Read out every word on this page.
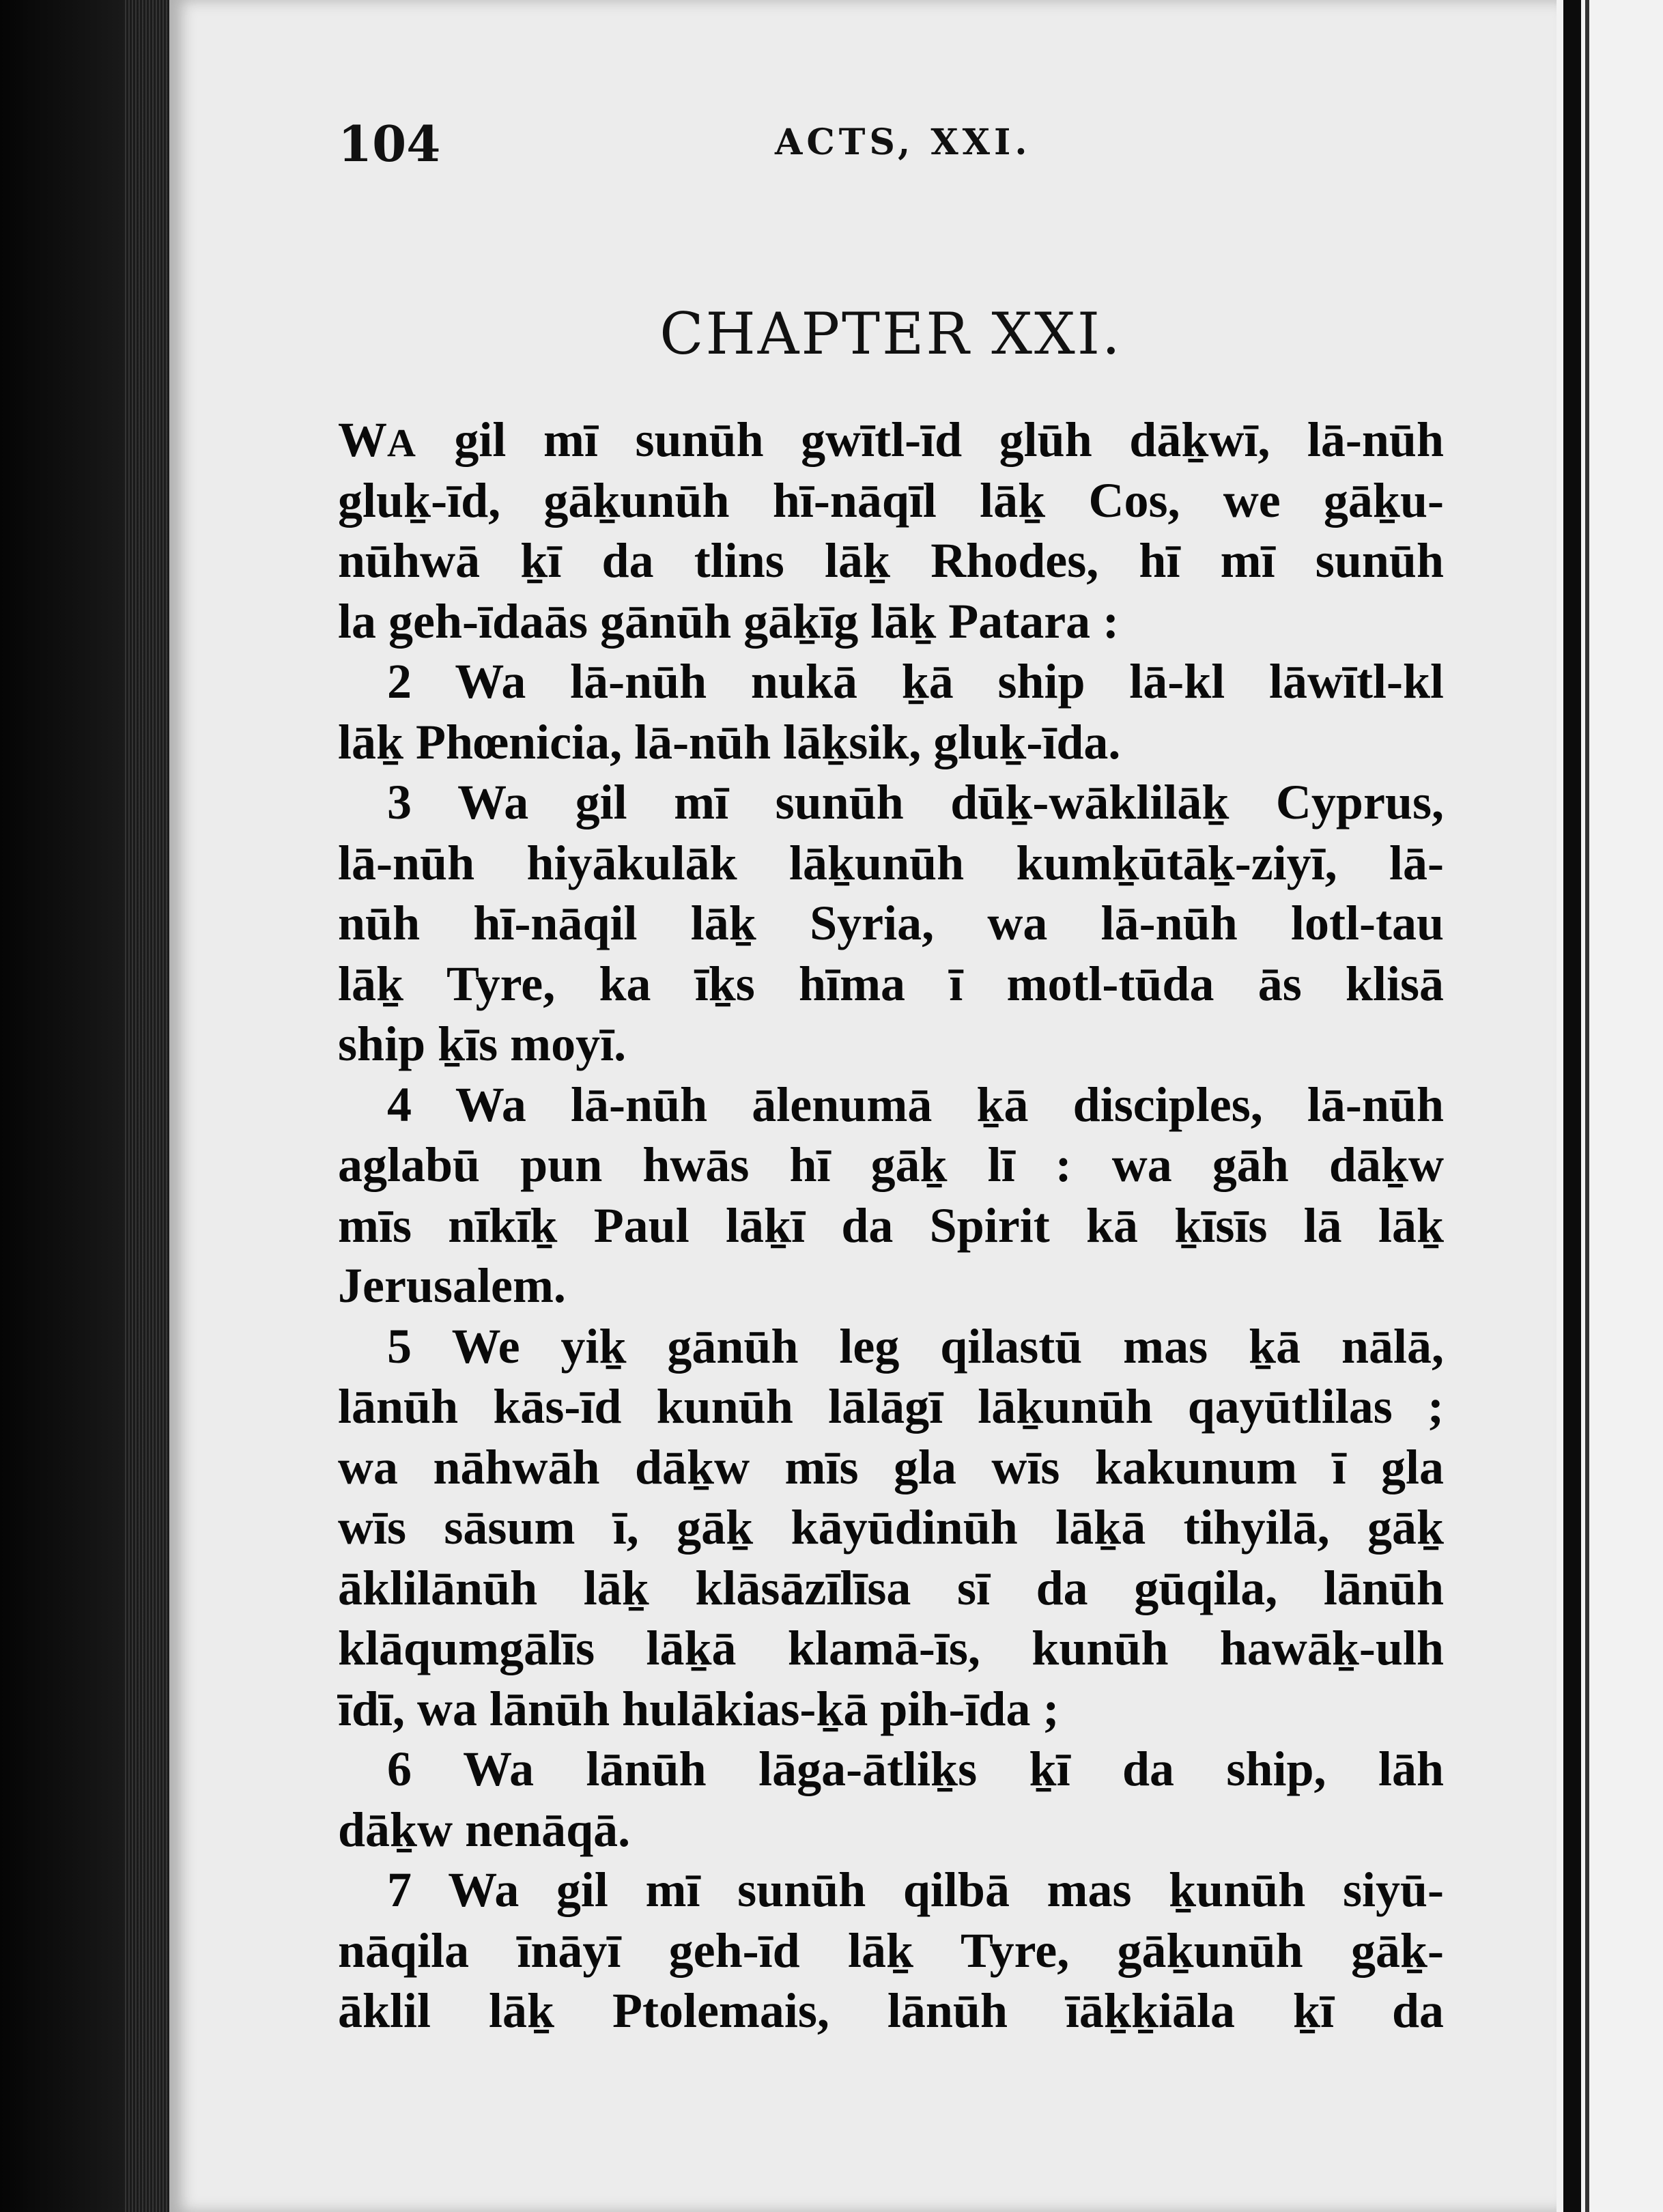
104	ACTS, XXI.
CHAPTER XXI.
WA gil mī sunūh gwītl-īd glūh dāḵwī, lā-nūh
gluḵ-īd, gāḵunūh hī-nāqīl lāḵ Cos, we gāḵu-
nūhwā ḵī da tlins lāḵ Rhodes, hī mī sunūh
la geh-īdaās gānūh gāḵīg lāḵ Patara :
2 Wa lā-nūh nukā ḵā ship lā-kl lāwītl-kl
lāḵ Phœnicia, lā-nūh lāḵsik, gluḵ-īda.
3 Wa gil mī sunūh dūḵ-wāklilāḵ Cyprus,
lā-nūh hiyākulāk lāḵunūh kumḵūtāḵ-ziyī, lā-
nūh hī-nāqil lāḵ Syria, wa lā-nūh lotl-tau
lāḵ Tyre, ka īḵs hīma ī motl-tūda ās klisā
ship ḵīs moyī.
4 Wa lā-nūh ālenumā ḵā disciples, lā-nūh
aglabū pun hwās hī gāḵ lī : wa gāh dāḵw
mīs nīkīḵ Paul lāḵī da Spirit kā ḵīsīs lā lāḵ
Jerusalem.
5 We yiḵ gānūh leg qilastū mas ḵā nālā,
lānūh kās-īd kunūh lālāgī lāḵunūh qayūtlilas ;
wa nāhwāh dāḵw mīs gla wīs kakunum ī gla
wīs sāsum ī, gāḵ kāyūdinūh lāḵā tihyilā, gāḵ
āklilānūh lāḵ klāsāzīlīsa sī da gūqila, lānūh
klāqumgālīs lāḵā klamā-īs, kunūh hawāḵ-ulh
īdī, wa lānūh hulākias-ḵā pih-īda ;
6 Wa lānūh lāga-ātliḵs ḵī da ship, lāh
dāḵw nenāqā.
7 Wa gil mī sunūh qilbā mas ḵunūh siyū-
nāqila īnāyī geh-īd lāḵ Tyre, gāḵunūh gāḵ-
āklil lāḵ Ptolemais, lānūh īāḵḵiāla ḵī da
